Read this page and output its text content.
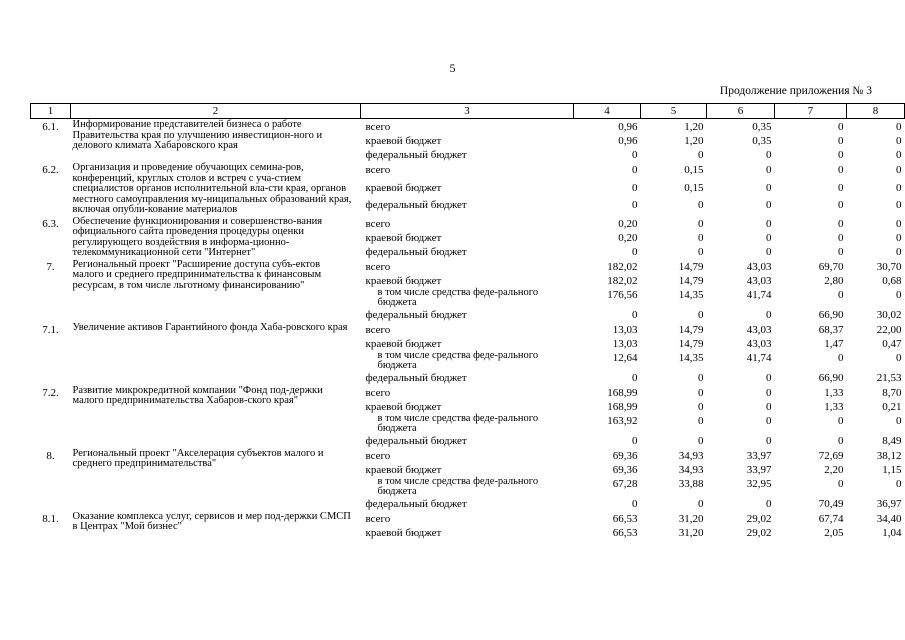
5
Продолжение приложения № 3
1	2	3	4	5	6	7	8
6.1.	Информирование представителей бизнеса о работе Правительства края по улучшению инвестицион-ного и делового климата Хабаровского края	всего	0,96	1,20	0,35	0	0
		краевой бюджет	0,96	1,20	0,35	0	0
		федеральный бюджет	0	0	0	0	0
6.2.	Организация и проведение обучающих семина-ров, конференций, круглых столов и встреч с уча-стием специалистов органов исполнительной вла-сти края, органов местного самоуправления му-ниципальных образований края, включая опубли-кование материалов	всего	0	0,15	0	0	0
		краевой бюджет	0	0,15	0	0	0
		федеральный бюджет	0	0	0	0	0
6.3.	Обеспечение функционирования и совершенство-вания официального сайта проведения процедуры оценки регулирующего воздействия в информа-ционно-телекоммуникационной сети "Интернет"	всего	0,20	0	0	0	0
		краевой бюджет	0,20	0	0	0	0
		федеральный бюджет	0	0	0	0	0
7.	Региональный проект "Расширение доступа субъ-ектов малого и среднего предпринимательства к финансовым ресурсам, в том числе льготному финансированию"	всего	182,02	14,79	43,03	69,70	30,70
		краевой бюджет	182,02	14,79	43,03	2,80	0,68
		в том числе средства феде-рального бюджета	176,56	14,35	41,74	0	0
		федеральный бюджет	0	0	0	66,90	30,02
7.1.	Увеличение активов Гарантийного фонда Хаба-ровского края	всего	13,03	14,79	43,03	68,37	22,00
		краевой бюджет	13,03	14,79	43,03	1,47	0,47
		в том числе средства феде-рального бюджета	12,64	14,35	41,74	0	0
		федеральный бюджет	0	0	0	66,90	21,53
7.2.	Развитие микрокредитной компании "Фонд под-держки малого предпринимательства Хабаров-ского края"	всего	168,99	0	0	1,33	8,70
		краевой бюджет	168,99	0	0	1,33	0,21
		в том числе средства феде-рального бюджета	163,92	0	0	0	0
		федеральный бюджет	0	0	0	0	8,49
8.	Региональный проект "Акселерация субъектов малого и среднего предпринимательства"	всего	69,36	34,93	33,97	72,69	38,12
		краевой бюджет	69,36	34,93	33,97	2,20	1,15
		в том числе средства феде-рального бюджета	67,28	33,88	32,95	0	0
		федеральный бюджет	0	0	0	70,49	36,97
8.1.	Оказание комплекса услуг, сервисов и мер под-держки СМСП в Центрах "Мой бизнес"	всего	66,53	31,20	29,02	67,74	34,40
		краевой бюджет	66,53	31,20	29,02	2,05	1,04
